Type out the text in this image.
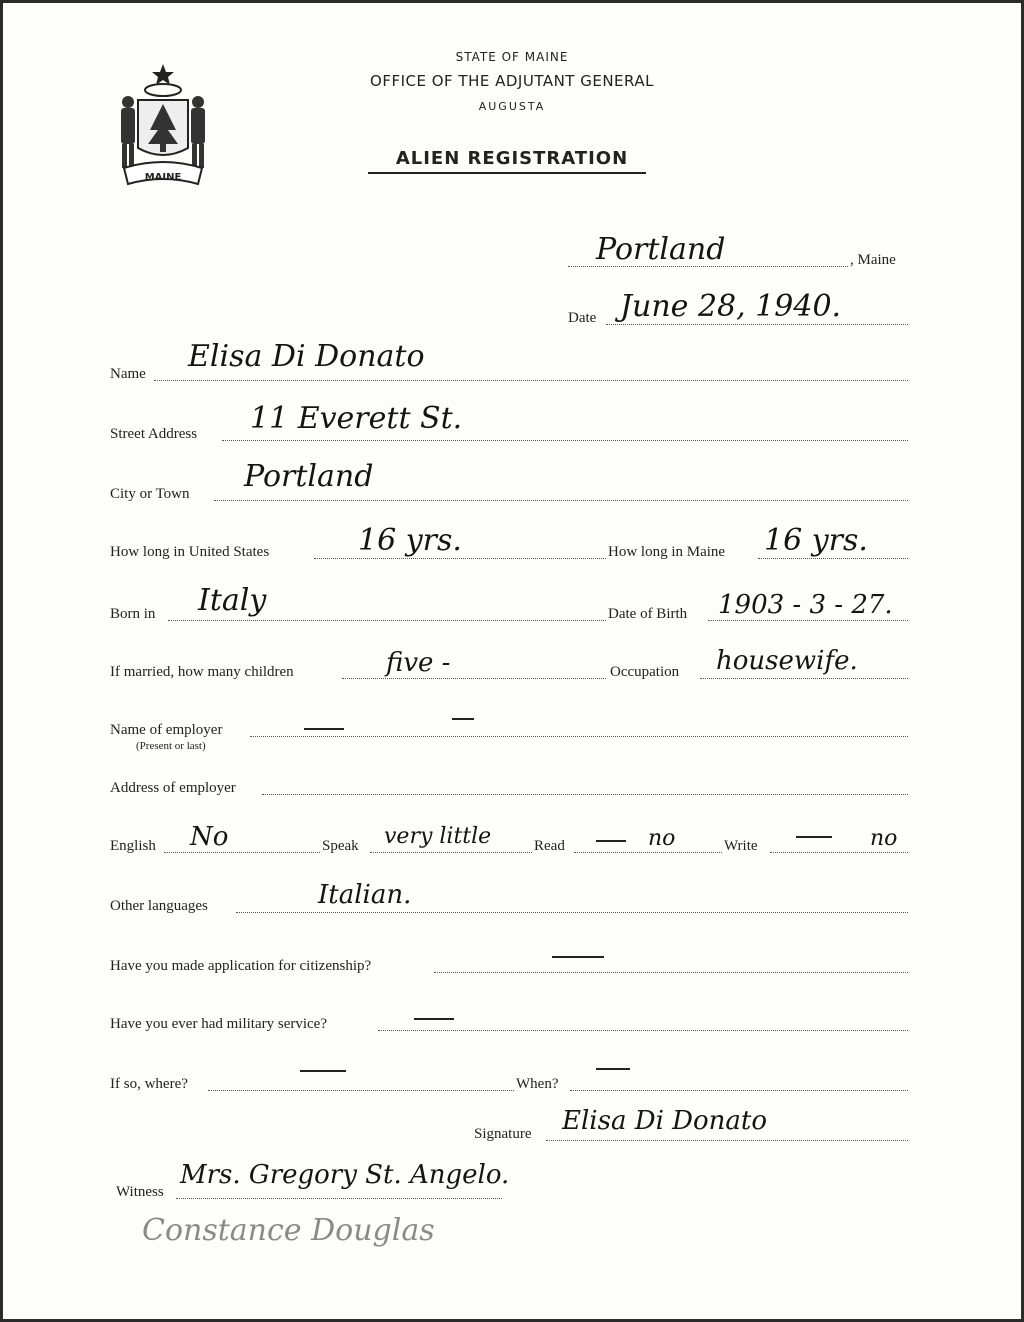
MAINE
STATE OF MAINE
OFFICE OF THE ADJUTANT GENERAL
AUGUSTA
ALIEN REGISTRATION
Portland	, Maine
Date June 28, 1940.
Name Elisa Di Donato
Street Address 11 Everett St.
City or Town Portland
How long in United States	16 yrs.	How long in Maine 16 yrs.
Born in Italy	Date of Birth 1903 - 3 - 27.
If married, how many children	five -	Occupation housewife.
Name of employer
(Present or last)
Address of employer
English No	Speak very little	Read	no	Write	no
Other languages	Italian.
Have you made application for citizenship?
Have you ever had military service?
If so, where?	When?
Signature Elisa Di Donato
Witness
Mrs. Gregory St. Angelo.
Constance Douglas
